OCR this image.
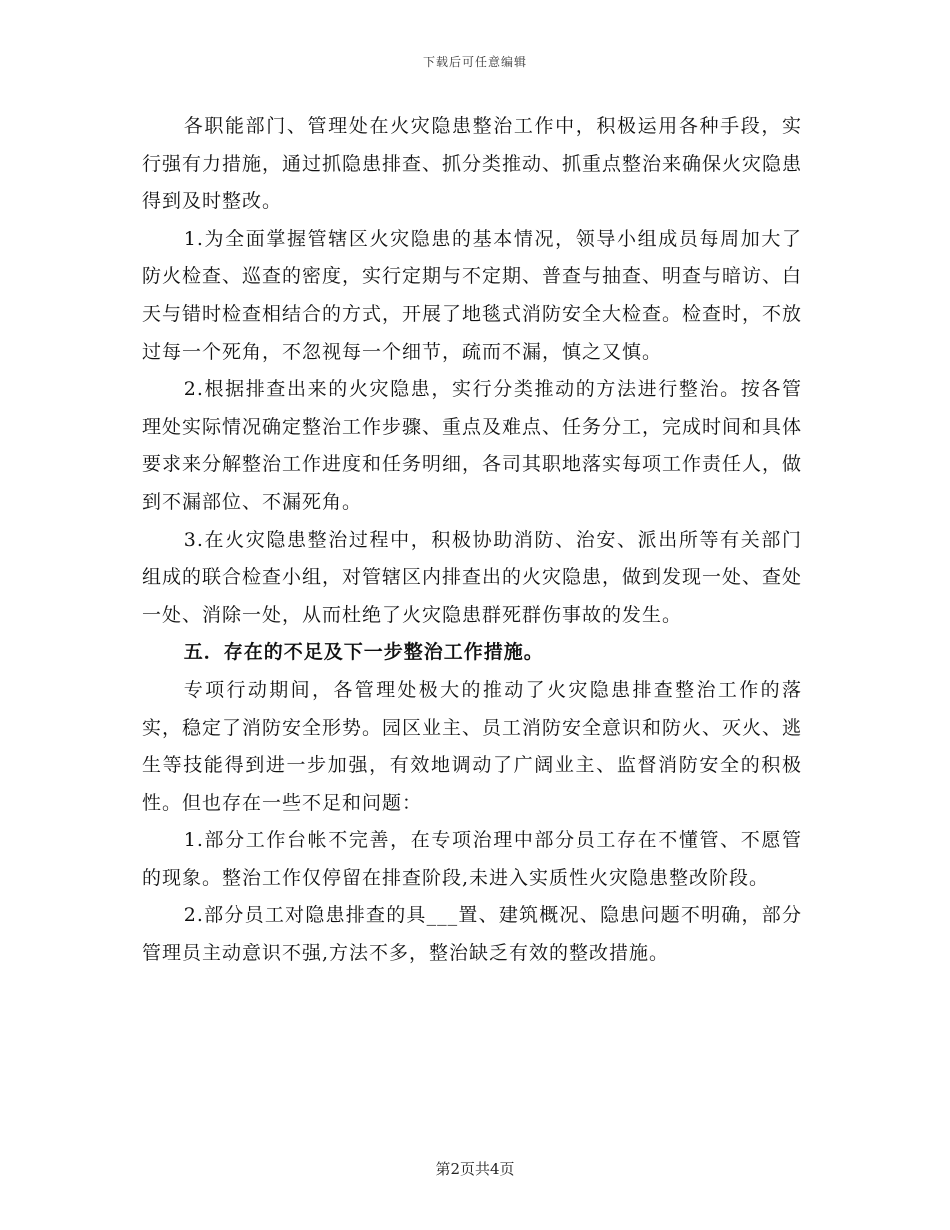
下载后可任意编辑

各职能部门、管理处在火灾隐患整治工作中，积极运用各种手段，实行强有力措施，通过抓隐患排查、抓分类推动、抓重点整治来确保火灾隐患得到及时整改。

1.为全面掌握管辖区火灾隐患的基本情况，领导小组成员每周加大了防火检查、巡查的密度，实行定期与不定期、普查与抽查、明查与暗访、白天与错时检查相结合的方式，开展了地毯式消防安全大检查。检查时，不放过每一个死角，不忽视每一个细节，疏而不漏，慎之又慎。

2.根据排查出来的火灾隐患，实行分类推动的方法进行整治。按各管理处实际情况确定整治工作步骤、重点及难点、任务分工，完成时间和具体要求来分解整治工作进度和任务明细，各司其职地落实每项工作责任人，做到不漏部位、不漏死角。

3.在火灾隐患整治过程中，积极协助消防、治安、派出所等有关部门组成的联合检查小组，对管辖区内排查出的火灾隐患，做到发现一处、查处一处、消除一处，从而杜绝了火灾隐患群死群伤事故的发生。

五．存在的不足及下一步整治工作措施。

专项行动期间，各管理处极大的推动了火灾隐患排查整治工作的落实，稳定了消防安全形势。园区业主、员工消防安全意识和防火、灭火、逃生等技能得到进一步加强，有效地调动了广阔业主、监督消防安全的积极性。但也存在一些不足和问题：

1.部分工作台帐不完善，在专项治理中部分员工存在不懂管、不愿管的现象。整治工作仅停留在排查阶段,未进入实质性火灾隐患整改阶段。

2.部分员工对隐患排查的具___置、建筑概况、隐患问题不明确，部分管理员主动意识不强,方法不多，整治缺乏有效的整改措施。

第2页共4页
